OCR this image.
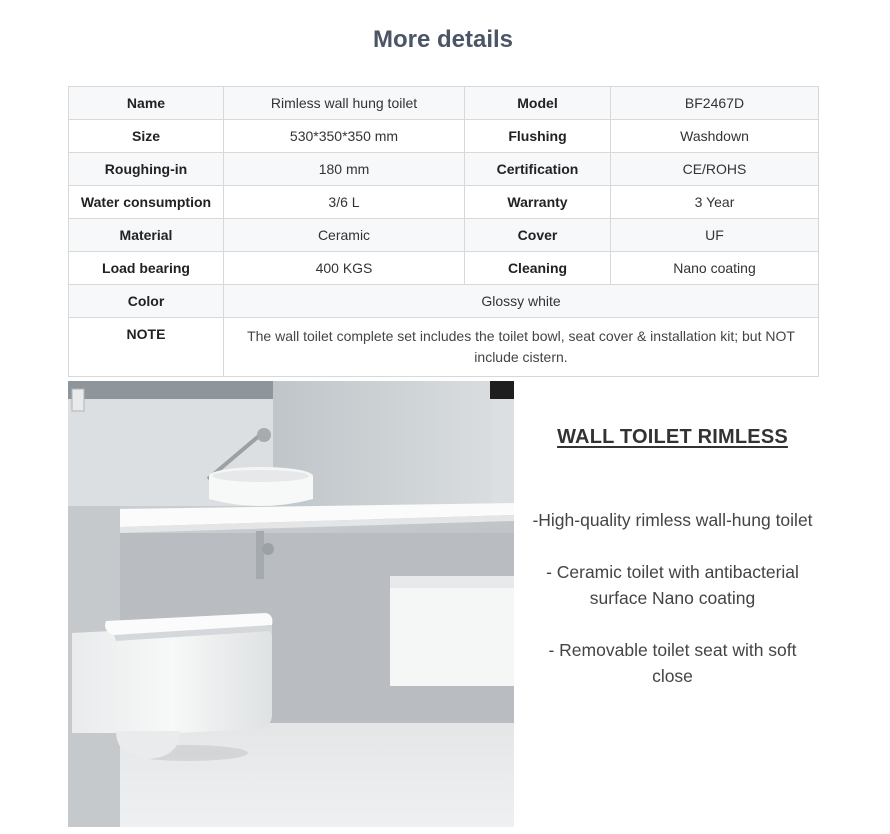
More details
Name	Rimless wall hung toilet	Model	BF2467D
Size	530*350*350 mm	Flushing	Washdown
Roughing-in	180 mm	Certification	CE/ROHS
Water consumption	3/6 L	Warranty	3 Year
Material	Ceramic	Cover	UF
Load bearing	400 KGS	Cleaning	Nano coating
Color	Glossy white		
NOTE	The wall toilet complete set includes the toilet bowl, seat cover & installation kit; but NOT include cistern.		
WALL TOILET RIMLESS
-High-quality rimless wall-hung toilet
- Ceramic toilet with antibacterial surface Nano coating
- Removable toilet seat with soft close
